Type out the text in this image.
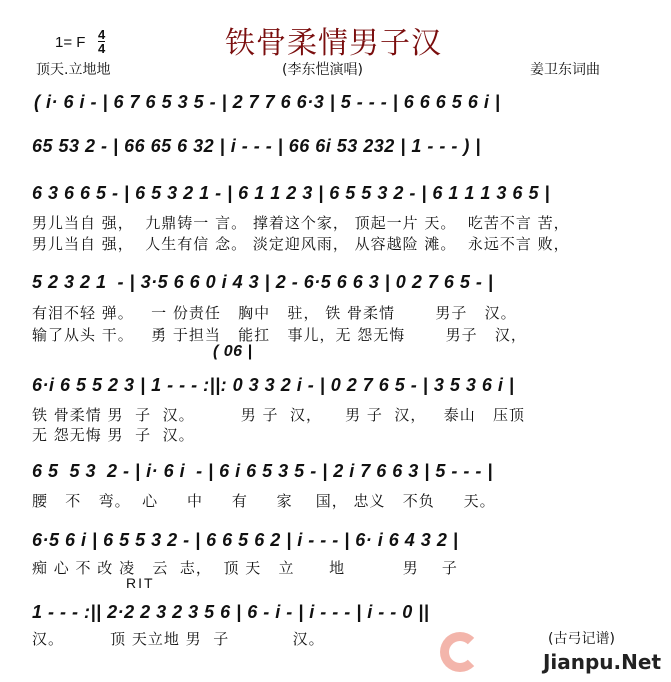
1= F $\frac{4}{4}$	铁骨柔情男子汉
顶天.立地地	(李东恺演唱)	姜卫东词曲
( i· 6 i - | 6 7 6 5 3 5 - | 2 7 7 6 6·3 | 5 - - - | 6 6 6 5 6 i |
65 53 2 - | 66 65 6 32 | i - - - | 66 6i 53 232 | 1 - - - ) |
6 3 6 6 5 - | 6 5 3 2 1 - | 6 1 1 2 3 | 6 5 5 3 2 - | 6 1 1 1 3 6 5 |
男儿当自 强，  九鼎铸一 言。 撑着这个家， 顶起一片 天。  吃苦不言 苦，
男儿当自 强，  人生有信 念。 淡定迎风雨， 从容越险 滩。  永远不言 败，
5 2 3 2 1  - | 3·5 6 6 0 i 4 3 | 2 - 6·5 6 6 3 | 0 2 7 6 5 - |
有泪不轻 弹。   一 份责任   胸中   驻， 铁 骨柔情       男子   汉。
输了从头 干。   勇 于担当   能扛   事儿，无 怨无悔       男子   汉，
( 06 |
6·i 6 5 5 2 3 | 1 - - - :||: 0 3 3 2 i - | 0 2 7 6 5 - | 3 5 3 6 i |
铁 骨柔情 男  子  汉。        男 子  汉，    男 子  汉，   泰山   压顶
无 怨无悔 男  子  汉。
6 5  5 3  2 - | i· 6 i  - | 6 i 6 5 3 5 - | 2 i 7 6 6 3 | 5 - - - |
腰   不   弯。  心     中     有     家    国， 忠义   不负     天。
6·5 6 i | 6 5 5 3 2 - | 6 6 5 6 2 | i - - - | 6· i 6 4 3 2 |
痴 心 不 改 凌   云  志，  顶 天   立      地          男    子
RIT
1 - - - :|| 2·2 2 3 2 3 5 6 | 6 - i - | i - - - | i - - 0 ||
汉。        顶 天立地 男  子           汉。	(古弓记谱)
Jianpu.Net
